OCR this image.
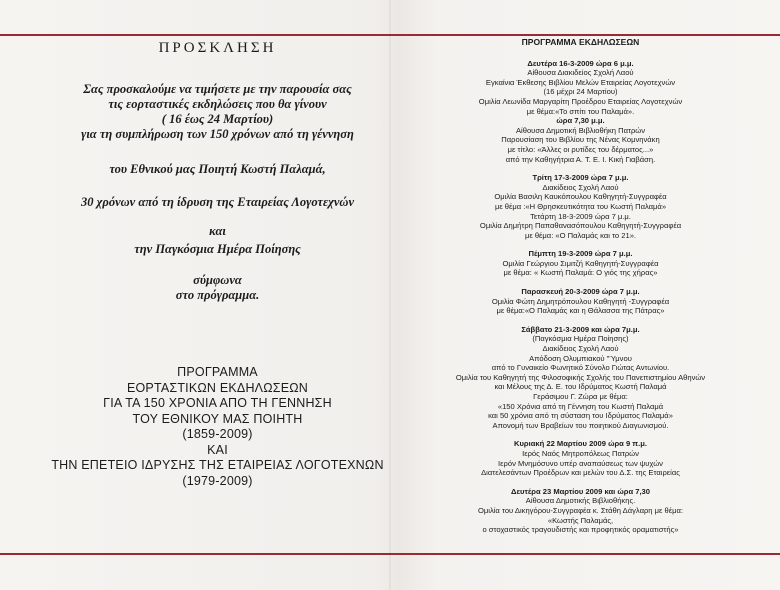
ΠΡΟΣΚΛΗΣΗ
Σας προσκαλούμε να τιμήσετε με την παρουσία σας
τις εορταστικές εκδηλώσεις που θα γίνουν
( 16 έως 24 Μαρτίου)
για τη συμπλήρωση των 150 χρόνων από τη γέννηση
του Εθνικού μας Ποιητή Κωστή Παλαμά,
30 χρόνων από τη ίδρυση της Εταιρείας Λογοτεχνών
και
την Παγκόσμια Ημέρα Ποίησης
σύμφωνα
στο πρόγραμμα.
ΠΡΟΓΡΑΜΜΑ
ΕΟΡΤΑΣΤΙΚΩΝ ΕΚΔΗΛΩΣΕΩΝ
ΓΙΑ ΤΑ 150 ΧΡΟΝΙΑ ΑΠΟ ΤΗ ΓΕΝΝΗΣΗ
ΤΟΥ ΕΘΝΙΚΟΥ ΜΑΣ ΠΟΙΗΤΗ
(1859-2009)
ΚΑΙ
ΤΗΝ ΕΠΕΤΕΙΟ ΙΔΡΥΣΗΣ ΤΗΣ ΕΤΑΙΡΕΙΑΣ ΛΟΓΟΤΕΧΝΩΝ
(1979-2009)
ΠΡΟΓΡΑΜΜΑ ΕΚΔΗΛΩΣΕΩΝ
Δευτέρα 16-3-2009 ώρα 6 μ.μ.
Αίθουσα Διακιδείος Σχολή Λαού
Εγκαίνια Έκθεσης Βιβλίου Μελών Εταιρείας Λογοτεχνών
(16 μέχρι 24 Μαρτίου)
Ομιλία Λεωνίδα Μαργαρίτη Προέδρου Εταιρείας Λογοτεχνών
με θέμα:«Το σπίτι του Παλαμά».
ώρα 7,30 μ.μ.
Αίθουσα Δημοτική Βιβλιοθήκη Πατρών
Παρουσίαση του Βιβλίου της Νένας Κομνηνάκη
με τίτλο: «Άλλες οι ρυτίδες του δέρματος...»
από την Καθηγήτρια Α. Τ. Ε. Ι. Κική Γιαβάση.
Τρίτη 17-3-2009 ώρα 7 μ.μ.
Διακίδειος Σχολή Λαού
Ομιλία Βασιλη Καυκόπουλου Καθηγητή-Συγγραφέα
με θέμα :«Η Θρησκευτικότητα του Κωστή Παλαμά»
Τετάρτη 18-3-2009 ώρα 7 μ.μ.
Ομιλία Δημήτρη Παπαθανασόπουλου Καθηγητή-Συγγραφέα
με θέμα: «Ο Παλαμάς και το 21».
Πέμπτη 19-3-2009 ώρα 7 μ.μ.
Ομιλία Γεώργιου Σιμιτζή Καθηγητή-Συγγραφέα
με θέμα: « Κωστή Παλαμά: Ο γιός της χήρας»
Παρασκευή 20-3-2009 ώρα 7 μ.μ.
Ομιλία Φώτη Δημητρόπουλου Καθηγητή -Συγγραφέα
με θέμα:«Ο Παλαμάς και η Θάλασσα της Πάτρας»
Σάββατο 21-3-2009 και ώρα 7μ.μ.
(Παγκόσμια Ημέρα Ποίησης)
Διακίδειος Σχολή Λαού
Απόδοση Ολυμπιακού "Ύμνου
από το Γυναικείο Φωνητικό Σύνολο Γιώτας Αντωνίου.
Ομιλία του Καθηγητή της Φιλοσοφικής Σχολής του Πανεπιστημίου Αθηνών
και Μέλους της Δ. Ε. του Ιδρύματος Κωστή Παλαμά
Γεράσιμου Γ. Ζώρα με θέμα:
«150 Χρόνια από τη Γέννηση του Κωστή Παλαμά
και 50 χρόνια από τη σύσταση του Ιδρύματος Παλαμά»
Απονομή των Βραβείων του ποιητικού Διαγωνισμού.
Κυριακή 22 Μαρτίου 2009 ώρα 9 π.μ.
Ιερός Ναός Μητροπόλεως Πατρών
Ιερόν Μνημόσυνο υπέρ αναπαύσεως των ψυχών
Διατελεσάντων Προέδρων και μελών του Δ.Σ. της Εταιρείας
Δευτέρα 23 Μαρτίου 2009 και ώρα 7,30
Αίθουσα Δημοτικής Βιβλιοθήκης.
Ομιλία του Δικηγόρου-Συγγραφέα κ. Στάθη Δάγλαρη με θέμα:
«Κωστής Παλαμάς,
ο στοχαστικός τραγουδιστής και προφητικός οραματιστής»
